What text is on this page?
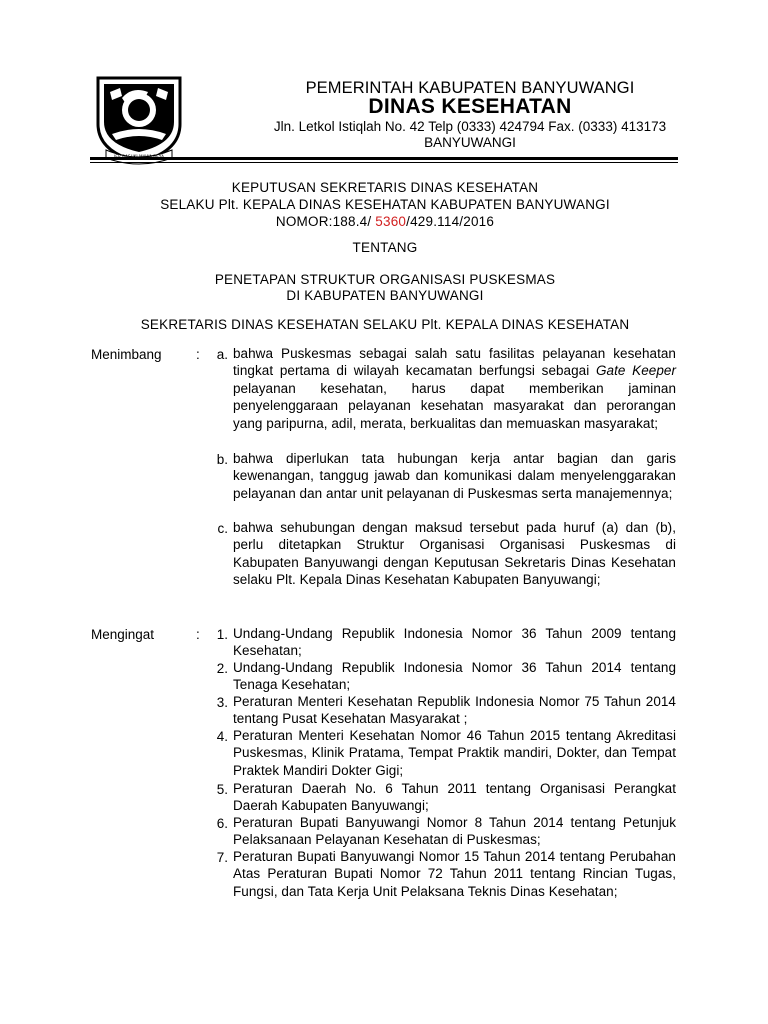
PEMERINTAH KABUPATEN BANYUWANGI
DINAS KESEHATAN
Jln. Letkol Istiqlah No. 42 Telp (0333) 424794 Fax. (0333) 413173
BANYUWANGI
KEPUTUSAN SEKRETARIS DINAS KESEHATAN
SELAKU Plt. KEPALA DINAS KESEHATAN KABUPATEN BANYUWANGI
NOMOR:188.4/ 5360/429.114/2016
TENTANG
PENETAPAN STRUKTUR ORGANISASI PUSKESMAS
DI KABUPATEN BANYUWANGI
SEKRETARIS DINAS KESEHATAN SELAKU Plt. KEPALA DINAS KESEHATAN
Menimbang	:	a. bahwa Puskesmas sebagai salah satu fasilitas pelayanan kesehatan tingkat pertama di wilayah kecamatan berfungsi sebagai Gate Keeper pelayanan kesehatan, harus dapat memberikan jaminan penyelenggaraan pelayanan kesehatan masyarakat dan perorangan yang paripurna, adil, merata, berkualitas dan memuaskan masyarakat;
b. bahwa diperlukan tata hubungan kerja antar bagian dan garis kewenangan, tanggug jawab dan komunikasi dalam menyelenggarakan pelayanan dan antar unit pelayanan di Puskesmas serta manajemennya;
c. bahwa sehubungan dengan maksud tersebut pada huruf (a) dan (b), perlu ditetapkan Struktur Organisasi Organisasi Puskesmas di Kabupaten Banyuwangi dengan Keputusan Sekretaris Dinas Kesehatan selaku Plt. Kepala Dinas Kesehatan Kabupaten Banyuwangi;
Mengingat	:	1. Undang-Undang Republik Indonesia Nomor 36 Tahun 2009 tentang Kesehatan;
2. Undang-Undang Republik Indonesia Nomor 36 Tahun 2014 tentang Tenaga Kesehatan;
3. Peraturan Menteri Kesehatan Republik Indonesia Nomor 75 Tahun 2014 tentang Pusat Kesehatan Masyarakat ;
4. Peraturan Menteri Kesehatan Nomor 46 Tahun 2015 tentang Akreditasi Puskesmas, Klinik Pratama, Tempat Praktik mandiri, Dokter, dan Tempat Praktek Mandiri Dokter Gigi;
5. Peraturan Daerah No. 6 Tahun 2011 tentang Organisasi Perangkat Daerah Kabupaten Banyuwangi;
6. Peraturan Bupati Banyuwangi Nomor 8 Tahun 2014 tentang Petunjuk Pelaksanaan Pelayanan Kesehatan di Puskesmas;
7. Peraturan Bupati Banyuwangi Nomor 15 Tahun 2014 tentang Perubahan Atas Peraturan Bupati Nomor 72 Tahun 2011 tentang Rincian Tugas, Fungsi, dan Tata Kerja Unit Pelaksana Teknis Dinas Kesehatan;
